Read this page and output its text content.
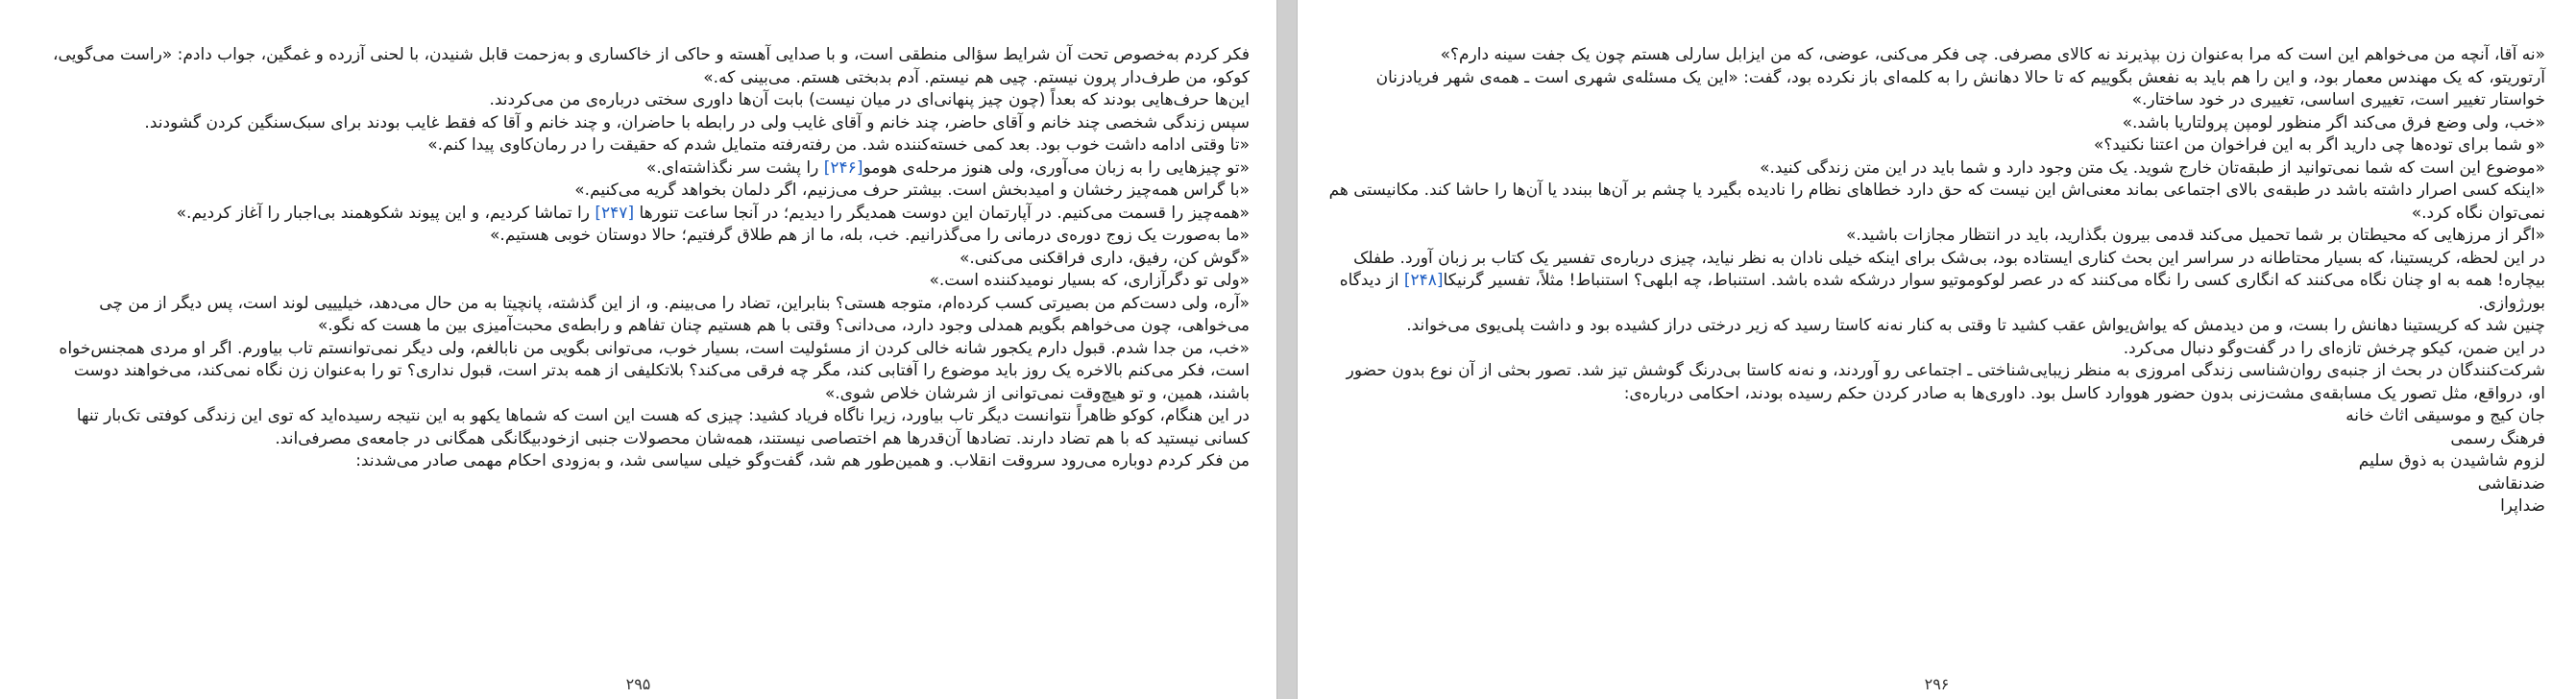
فکر کردم به‌خصوص تحت آن شرایط سؤالی منطقی است، و با صدایی آهسته و حاکی از خاکساری و به‌زحمت قابل شنیدن، با لحنی آزرده و غمگین، جواب دادم: «راست می‌گویی، کوکو، من طرف‌دار پرون نیستم. چیی هم نیستم. آدم بدبختی هستم. می‌بینی که.»

این‌ها حرف‌هایی بودند که بعداً (چون چیز پنهانی‌ای در میان نیست) بابت آن‌ها داوری سختی درباره‌ی من می‌کردند.

سپس زندگی شخصی چند خانم و آقای حاضر، چند خانم و آقای غایب ولی در رابطه با حاضران، و چند خانم و آقا که فقط غایب بودند برای سبک‌سنگین کردن گشودند.

«تا وقتی ادامه داشت خوب بود. بعد کمی خسته‌کننده شد. من رفته‌رفته متمایل شدم که حقیقت را در رمان‌کاوی پیدا کنم.»

«تو چیزهایی را به زبان می‌آوری، ولی هنوز مرحله‌ی هومو[۲۴۶] را پشت سر نگذاشته‌ای.»

«با گراس همه‌چیز رخشان و امیدبخش است. بیشتر حرف می‌زنیم، اگر دلمان بخواهد گریه می‌کنیم.»

«همه‌چیز را قسمت می‌کنیم. در آپارتمان این دوست همدیگر را دیدیم؛ در آنجا ساعت تنورها [۲۴۷] را تماشا کردیم، و این پیوند شکوهمند بی‌اجبار را آغاز کردیم.»

«ما به‌صورت یک زوج دوره‌ی درمانی را می‌گذرانیم. خب، بله، ما از هم طلاق گرفتیم؛ حالا دوستان خوبی هستیم.»

«گوش کن، رفیق، داری فراقکنی می‌کنی.»

«ولی تو دگرآزاری، که بسیار نومیدکننده است.»

«آره، ولی دست‌کم من بصیرتی کسب کرده‌ام، متوجه هستی؟ بنابراین، تضاد را می‌بینم. و، از این گذشته، پانچیتا به من حال می‌دهد، خیلیییی لوند است، پس دیگر از من چی می‌خواهی، چون می‌خواهم بگویم همدلی وجود دارد، می‌دانی؟ وقتی با هم هستیم چنان تفاهم و رابطه‌ی محبت‌آمیزی بین ما هست که نگو.»

«خب، من جدا شدم. قبول دارم یکجور شانه خالی کردن از مسئولیت است، بسیار خوب، می‌توانی بگویی من نابالغم، ولی دیگر نمی‌توانستم تاب بیاورم. اگر او مردی همجنس‌خواه است، فکر می‌کنم بالاخره یک روز باید موضوع را آفتابی کند، مگر چه فرقی می‌کند؟ بلاتکلیفی از همه بدتر است، قبول نداری؟ تو را به‌عنوان زن نگاه نمی‌کند، می‌خواهند دوست باشند، همین، و تو هیچ‌وقت نمی‌توانی از شرشان خلاص شوی.»

در این هنگام، کوکو ظاهراً نتوانست دیگر تاب بیاورد، زیرا ناگاه فریاد کشید: چیزی که هست این است که شماها یکهو به این نتیجه رسیده‌اید که توی این زندگی کوفتی تک‌بار تنها کسانی نیستید که با هم تضاد دارند. تضادها آن‌قدرها هم اختصاصی نیستند، همه‌شان محصولات جنبی ازخودبیگانگی همگانی در جامعه‌ی مصرفی‌اند.

من فکر کردم دوباره می‌رود سروقت انقلاب. و همین‌طور هم شد، گفت‌وگو خیلی سیاسی شد، و به‌زودی احکام مهمی صادر می‌شدند:

۲۹۵

«نه آقا، آنچه من می‌خواهم این است که مرا به‌عنوان زن بپذیرند نه کالای مصرفی. چی فکر می‌کنی، عوضی، که من ایزابل سارلی هستم چون یک جفت سینه دارم؟»

آرتوریتو، که یک مهندس معمار بود، و این را هم باید به نفعش بگوییم که تا حالا دهانش را به کلمه‌ای باز نکرده بود، گفت: «این یک مسئله‌ی شهری است ـ همه‌ی شهر فریادزنان خواستار تغییر است، تغییری اساسی، تغییری در خود ساختار.»

«خب، ولی وضع فرق می‌کند اگر منظور لومپن پرولتاریا باشد.»

«و شما برای توده‌ها چی دارید اگر به این فراخوان من اعتنا نکنید؟»

«موضوع این است که شما نمی‌توانید از طبقه‌تان خارج شوید. یک متن وجود دارد و شما باید در این متن زندگی کنید.»

«اینکه کسی اصرار داشته باشد در طبقه‌ی بالای اجتماعی بماند معنی‌اش این نیست که حق دارد خطاهای نظام را نادیده بگیرد یا چشم بر آن‌ها ببندد یا آن‌ها را حاشا کند. مکانیستی هم نمی‌توان نگاه کرد.»

«اگر از مرزهایی که محیطتان بر شما تحمیل می‌کند قدمی بیرون بگذارید، باید در انتظار مجازات باشید.»

در این لحظه، کریستینا، که بسیار محتاطانه در سراسر این بحث کناری ایستاده بود، بی‌شک برای اینکه خیلی نادان به نظر نیاید، چیزی درباره‌ی تفسیر یک کتاب بر زبان آورد. طفلک بیچاره! همه به او چنان نگاه می‌کنند که انگاری کسی را نگاه می‌کنند که در عصر لوکوموتیو سوار درشکه شده باشد. استنباط، چه ابلهی؟ استنباط! مثلاً، تفسیر گرنیکا[۲۴۸] از دیدگاه بورژوازی.

چنین شد که کریستینا دهانش را بست، و من دیدمش که یواش‌یواش عقب کشید تا وقتی به کنار نه‌نه کاستا رسید که زیر درختی دراز کشیده بود و داشت پلی‌یوی می‌خواند.

در این ضمن، کیکو چرخش تازه‌ای را در گفت‌وگو دنبال می‌کرد.

شرکت‌کنندگان در بحث از جنبه‌ی روان‌شناسی زندگی امروزی به منظر زیبایی‌شناختی ـ اجتماعی رو آوردند، و نه‌نه کاستا بی‌درنگ گوشش تیز شد. تصور بحثی از آن نوع بدون حضور او، درواقع، مثل تصور یک مسابقه‌ی مشت‌زنی بدون حضور هووارد کاسل بود. داوری‌ها به صادر کردن حکم رسیده بودند، احکامی درباره‌ی:

جان کیج و موسیقی اثاث خانه

فرهنگ رسمی

لزوم شاشیدن به ذوق سلیم

ضدنقاشی

ضداپرا

۲۹۶
